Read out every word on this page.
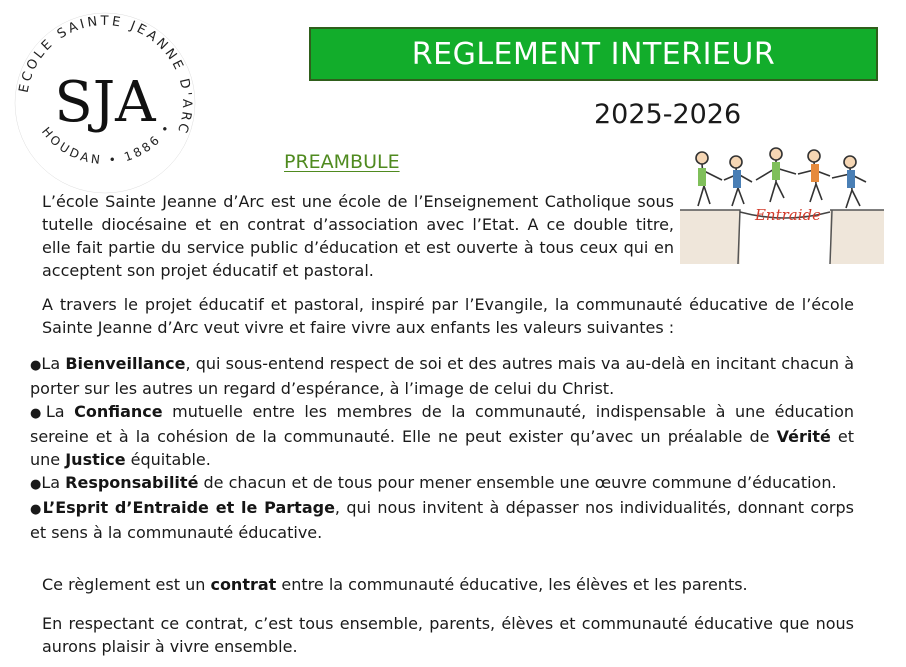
ECOLE SAINTE JEANNE D'ARC
HOUDAN • 1886 •
SJA
REGLEMENT INTERIEUR
2025-2026
PREAMBULE
Entraide
L’école Sainte Jeanne d’Arc est une école de l’Enseignement Catholique sous tutelle diocésaine et en contrat d’association avec l’Etat. A ce double titre, elle fait partie du service public d’éducation et est ouverte à tous ceux qui en acceptent son projet éducatif et pastoral.
A travers le projet éducatif et pastoral, inspiré par l’Evangile, la communauté éducative de l’école Sainte Jeanne d’Arc veut vivre et faire vivre aux enfants les valeurs suivantes :
●La Bienveillance, qui sous-entend respect de soi et des autres mais va au-delà en incitant chacun à porter sur les autres un regard d’espérance, à l’image de celui du Christ.
●La Confiance mutuelle entre les membres de la communauté, indispensable à une éducation sereine et à la cohésion de la communauté. Elle ne peut exister qu’avec un préalable de Vérité et une Justice équitable.
●La Responsabilité de chacun et de tous pour mener ensemble une œuvre commune d’éducation.
●L’Esprit d’Entraide et le Partage, qui nous invitent à dépasser nos individualités, donnant corps et sens à la communauté éducative.
Ce règlement est un contrat entre la communauté éducative, les élèves et les parents.
En respectant ce contrat, c’est tous ensemble, parents, élèves et communauté éducative que nous aurons plaisir à vivre ensemble.
